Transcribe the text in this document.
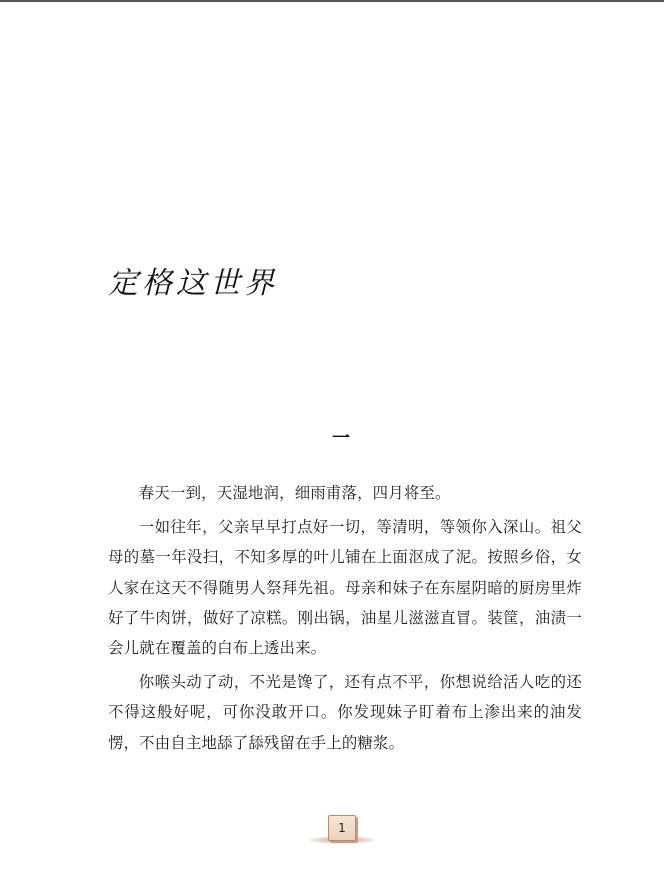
定格这世界
一

春天一到，天湿地润，细雨甫落，四月将至。

一如往年，父亲早早打点好一切，等清明，等领你入深山。祖父母的墓一年没扫，不知多厚的叶儿铺在上面沤成了泥。按照乡俗，女人家在这天不得随男人祭拜先祖。母亲和妹子在东屋阴暗的厨房里炸好了牛肉饼，做好了凉糕。刚出锅，油星儿滋滋直冒。装筐，油渍一会儿就在覆盖的白布上透出来。

你喉头动了动，不光是馋了，还有点不平，你想说给活人吃的还不得这般好呢，可你没敢开口。你发现妹子盯着布上渗出来的油发愣，不由自主地舔了舔残留在手上的糖浆。

1
